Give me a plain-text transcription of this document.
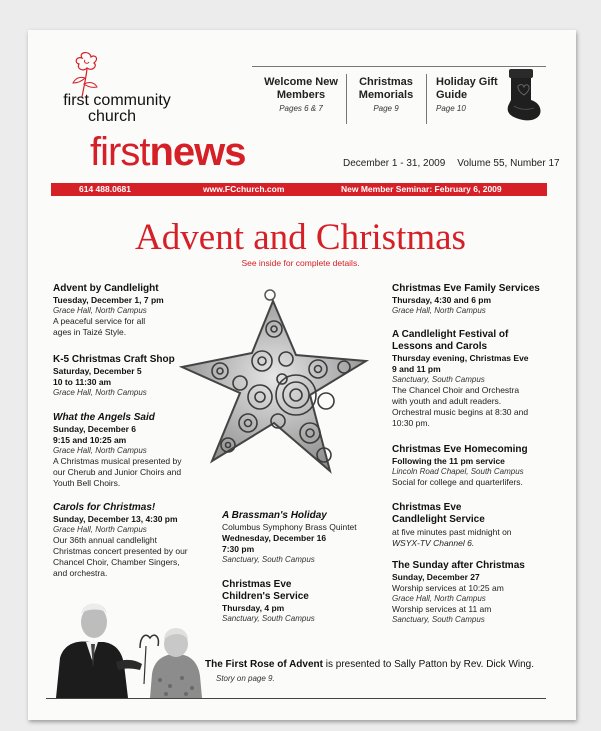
first community
church
Welcome New Members
Pages 6 & 7
Christmas Memorials
Page 9
Holiday Gift Guide
Page 10
firstnews	December 1 - 31, 2009 Volume 55, Number 17
614 488.0681	www.FCchurch.com	New Member Seminar: February 6, 2009
Advent and Christmas
See inside for complete details.
Advent by Candlelight
Tuesday, December 1, 7 pm
Grace Hall, North Campus
A peaceful service for all
ages in Taizé Style.
K-5 Christmas Craft Shop
Saturday, December 5
10 to 11:30 am
Grace Hall, North Campus
What the Angels Said
Sunday, December 6
9:15 and 10:25 am
Grace Hall, North Campus
A Christmas musical presented by
our Cherub and Junior Choirs and
Youth Bell Choirs.
Carols for Christmas!
Sunday, December 13, 4:30 pm
Grace Hall, North Campus
Our 36th annual candlelight
Christmas concert presented by our
Chancel Choir, Chamber Singers,
and orchestra.
A Brassman's Holiday
Columbus Symphony Brass Quintet
Wednesday, December 16
7:30 pm
Sanctuary, South Campus
Christmas Eve Children's Service
Thursday, 4 pm
Sanctuary, South Campus
Christmas Eve Family Services
Thursday, 4:30 and 6 pm
Grace Hall, North Campus
A Candlelight Festival of Lessons and Carols
Thursday evening, Christmas Eve
9 and 11 pm
Sanctuary, South Campus
The Chancel Choir and Orchestra
with youth and adult readers.
Orchestral music begins at 8:30 and
10:30 pm.
Christmas Eve Homecoming
Following the 11 pm service
Lincoln Road Chapel, South Campus
Social for college and quarterlifers.
Christmas Eve Candlelight Service
at five minutes past midnight on
WSYX-TV Channel 6.
The Sunday after Christmas
Sunday, December 27
Worship services at 10:25 am
Grace Hall, North Campus
Worship services at 11 am
Sanctuary, South Campus
The First Rose of Advent is presented to Sally Patton by Rev. Dick Wing.
Story on page 9.
